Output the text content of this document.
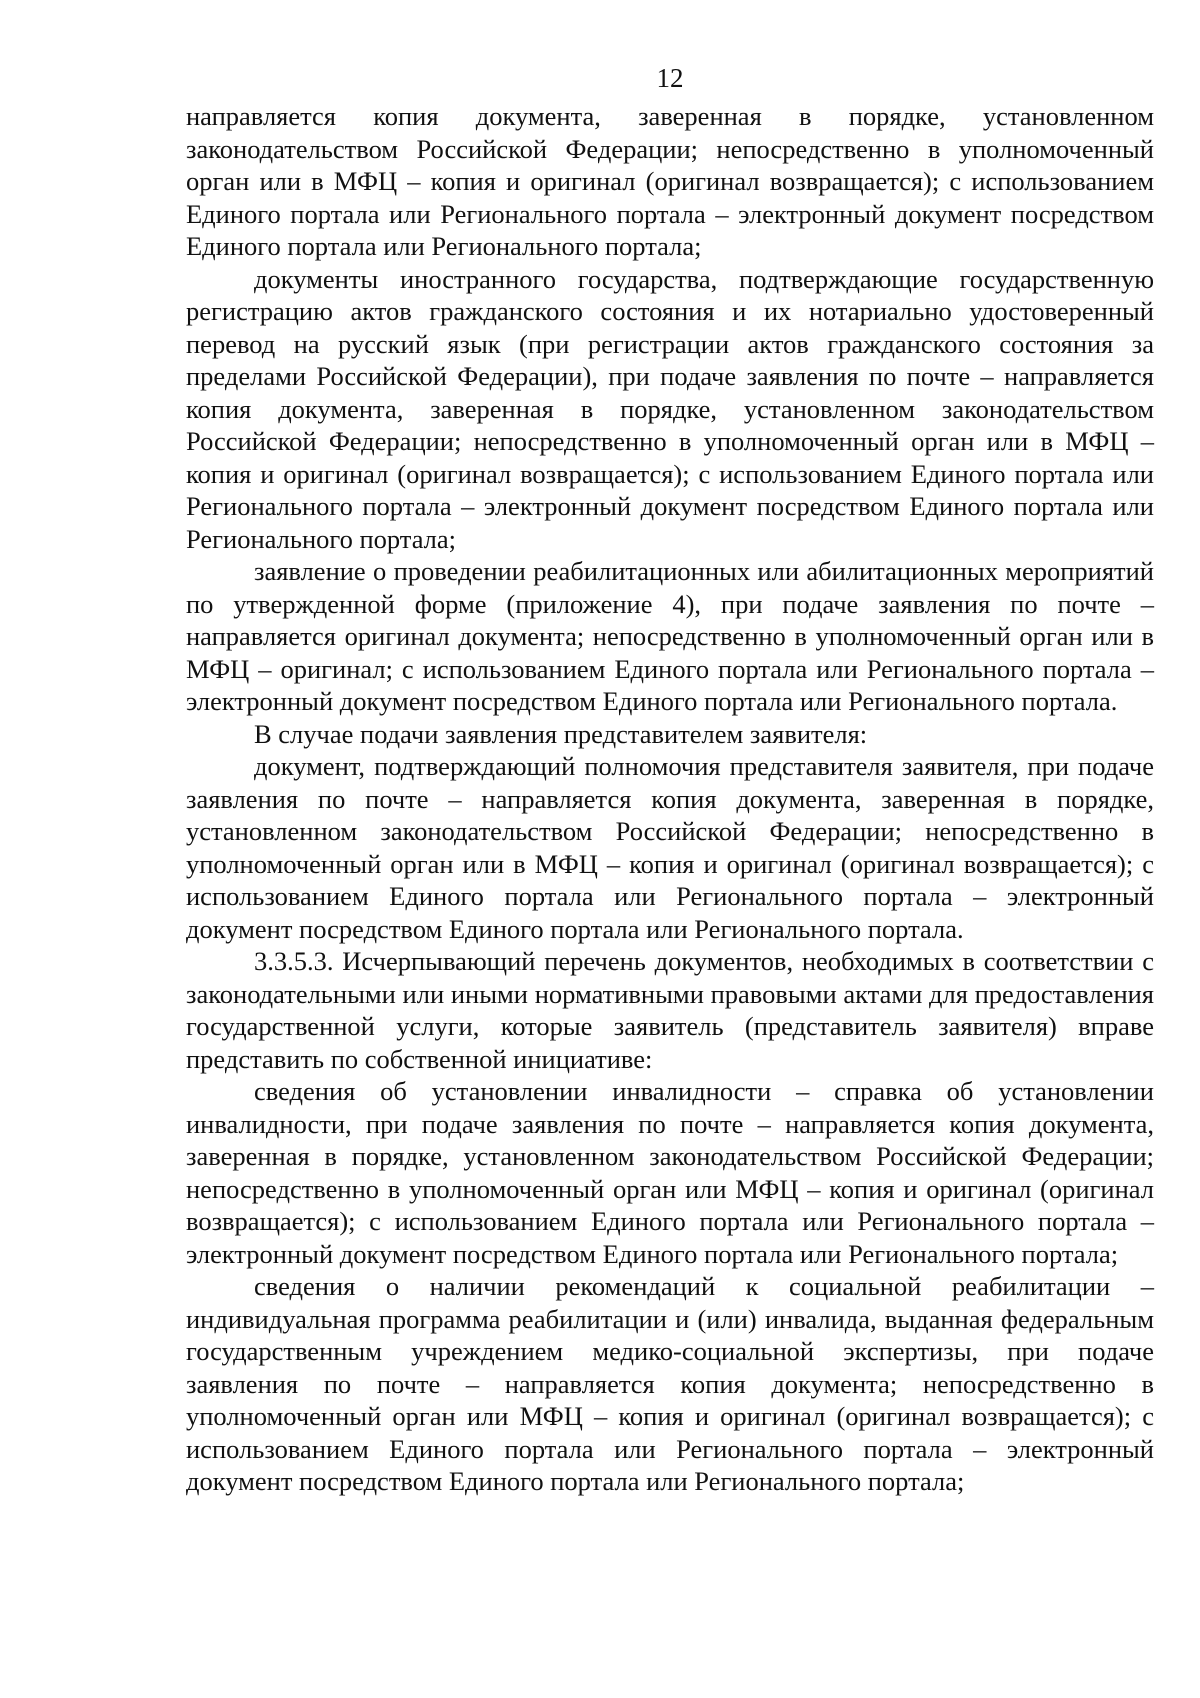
12

направляется копия документа, заверенная в порядке, установленном законодательством Российской Федерации; непосредственно в уполномоченный орган или в МФЦ – копия и оригинал (оригинал возвращается); с использованием Единого портала или Регионального портала – электронный документ посредством Единого портала или Регионального портала;

документы иностранного государства, подтверждающие государственную регистрацию актов гражданского состояния и их нотариально удостоверенный перевод на русский язык (при регистрации актов гражданского состояния за пределами Российской Федерации), при подаче заявления по почте – направляется копия документа, заверенная в порядке, установленном законодательством Российской Федерации; непосредственно в уполномоченный орган или в МФЦ – копия и оригинал (оригинал возвращается); с использованием Единого портала или Регионального портала – электронный документ посредством Единого портала или Регионального портала;

заявление о проведении реабилитационных или абилитационных мероприятий по утвержденной форме (приложение 4), при подаче заявления по почте – направляется оригинал документа; непосредственно в уполномоченный орган или в МФЦ – оригинал; с использованием Единого портала или Регионального портала – электронный документ посредством Единого портала или Регионального портала.

В случае подачи заявления представителем заявителя:

документ, подтверждающий полномочия представителя заявителя, при подаче заявления по почте – направляется копия документа, заверенная в порядке, установленном законодательством Российской Федерации; непосредственно в уполномоченный орган или в МФЦ – копия и оригинал (оригинал возвращается); с использованием Единого портала или Регионального портала – электронный документ посредством Единого портала или Регионального портала.

3.3.5.3. Исчерпывающий перечень документов, необходимых в соответствии с законодательными или иными нормативными правовыми актами для предоставления государственной услуги, которые заявитель (представитель заявителя) вправе представить по собственной инициативе:

сведения об установлении инвалидности – справка об установлении инвалидности, при подаче заявления по почте – направляется копия документа, заверенная в порядке, установленном законодательством Российской Федерации; непосредственно в уполномоченный орган или МФЦ – копия и оригинал (оригинал возвращается); с использованием Единого портала или Регионального портала – электронный документ посредством Единого портала или Регионального портала;

сведения о наличии рекомендаций к социальной реабилитации – индивидуальная программа реабилитации и (или) инвалида, выданная федеральным государственным учреждением медико-социальной экспертизы, при подаче заявления по почте – направляется копия документа; непосредственно в уполномоченный орган или МФЦ – копия и оригинал (оригинал возвращается); с использованием Единого портала или Регионального портала – электронный документ посредством Единого портала или Регионального портала;
